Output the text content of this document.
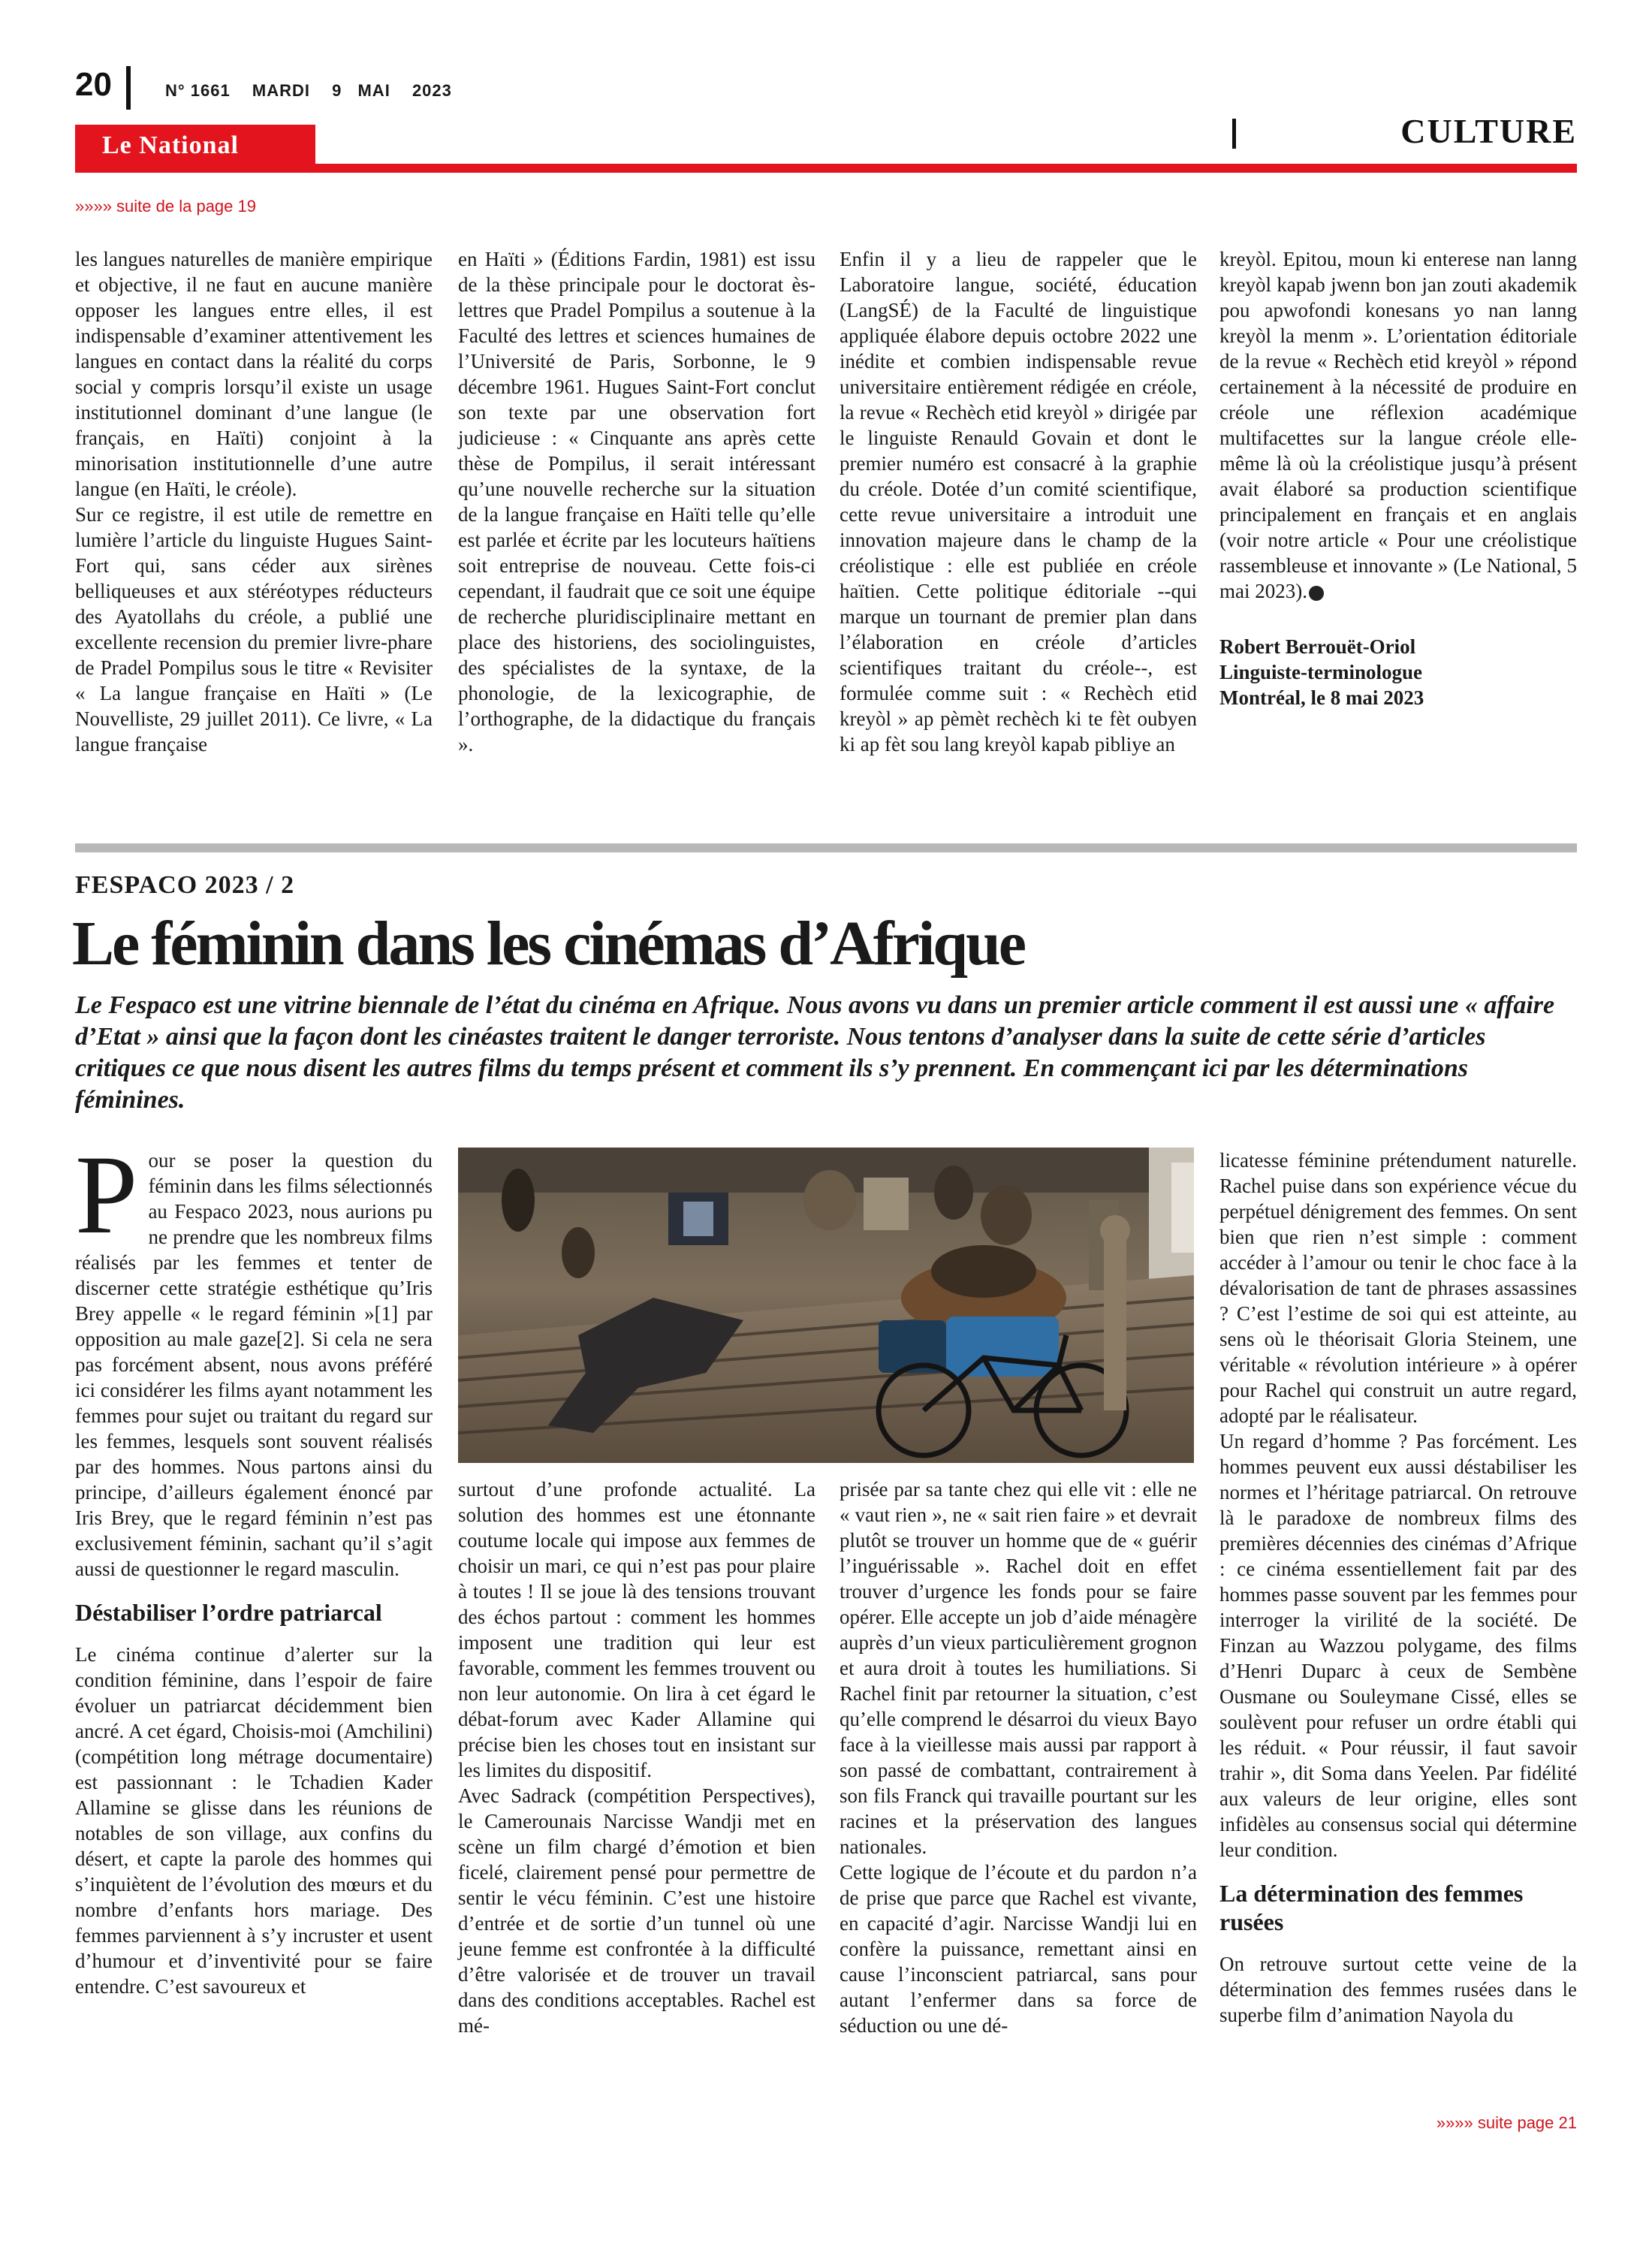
20	N° 1661 MARDI 9 MAI 2023
CULTURE
Le National
»»»» suite de la page 19

les langues naturelles de manière empirique et objective, il ne faut en aucune manière opposer les langues entre elles, il est indispensable d’examiner attentivement les langues en contact dans la réalité du corps social y compris lorsqu’il existe un usage institutionnel dominant d’une langue (le français, en Haïti) conjoint à la minorisation institutionnelle d’une autre langue (en Haïti, le créole).

Sur ce registre, il est utile de remettre en lumière l’article du linguiste Hugues Saint-Fort qui, sans céder aux sirènes belliqueuses et aux stéréotypes réducteurs des Ayatollahs du créole, a publié une excellente recension du premier livre-phare de Pradel Pompilus sous le titre « Revisiter « La langue française en Haïti » (Le Nouvelliste, 29 juillet 2011). Ce livre, « La langue française

en Haïti » (Éditions Fardin, 1981) est issu de la thèse principale pour le doctorat ès-lettres que Pradel Pompilus a soutenue à la Faculté des lettres et sciences humaines de l’Université de Paris, Sorbonne, le 9 décembre 1961. Hugues Saint-Fort conclut son texte par une observation fort judicieuse : « Cinquante ans après cette thèse de Pompilus, il serait intéressant qu’une nouvelle recherche sur la situation de la langue française en Haïti telle qu’elle est parlée et écrite par les locuteurs haïtiens soit entreprise de nouveau. Cette fois-ci cependant, il faudrait que ce soit une équipe de recherche pluridisciplinaire mettant en place des historiens, des sociolinguistes, des spécialistes de la syntaxe, de la phonologie, de la lexicographie, de l’orthographe, de la didactique du français ».

Enfin il y a lieu de rappeler que le Laboratoire langue, société, éducation (LangSÉ) de la Faculté de linguistique appliquée élabore depuis octobre 2022 une inédite et combien indispensable revue universitaire entièrement rédigée en créole, la revue « Rechèch etid kreyòl » dirigée par le linguiste Renauld Govain et dont le premier numéro est consacré à la graphie du créole. Dotée d’un comité scientifique, cette revue universitaire a introduit une innovation majeure dans le champ de la créolistique : elle est publiée en créole haïtien. Cette politique éditoriale --qui marque un tournant de premier plan dans l’élaboration en créole d’articles scientifiques traitant du créole--, est formulée comme suit : « Rechèch etid kreyòl » ap pèmèt rechèch ki te fèt oubyen ki ap fèt sou lang kreyòl kapab pibliye an

kreyòl. Epitou, moun ki enterese nan lanng kreyòl kapab jwenn bon jan zouti akademik pou apwofondi konesans yo nan lanng kreyòl la menm ». L’orientation éditoriale de la revue « Rechèch etid kreyòl » répond certainement à la nécessité de produire en créole une réflexion académique multifacettes sur la langue créole elle-même là où la créolistique jusqu’à présent avait élaboré sa production scientifique principalement en français et en anglais (voir notre article « Pour une créolistique rassembleuse et innovante » (Le National, 5 mai 2023).

Robert Berrouët-Oriol
Linguiste-terminologue
Montréal, le 8 mai 2023

FESPACO 2023 / 2
Le féminin dans les cinémas d’Afrique
Le Fespaco est une vitrine biennale de l’état du cinéma en Afrique. Nous avons vu dans un premier article comment il est aussi une « affaire d’Etat » ainsi que la façon dont les cinéastes traitent le danger terroriste. Nous tentons d’analyser dans la suite de cette série d’articles critiques ce que nous disent les autres films du temps présent et comment ils s’y prennent. En commençant ici par les déterminations féminines.

Pour se poser la question du féminin dans les films sélectionnés au Fespaco 2023, nous aurions pu ne prendre que les nombreux films réalisés par les femmes et tenter de discerner cette stratégie esthétique qu’Iris Brey appelle « le regard féminin »[1] par opposition au male gaze[2]. Si cela ne sera pas forcément absent, nous avons préféré ici considérer les films ayant notamment les femmes pour sujet ou traitant du regard sur les femmes, lesquels sont souvent réalisés par des hommes. Nous partons ainsi du principe, d’ailleurs également énoncé par Iris Brey, que le regard féminin n’est pas exclusivement féminin, sachant qu’il s’agit aussi de questionner le regard masculin.

Déstabiliser l’ordre patriarcal

Le cinéma continue d’alerter sur la condition féminine, dans l’espoir de faire évoluer un patriarcat décidemment bien ancré. A cet égard, Choisis-moi (Amchilini) (compétition long métrage documentaire) est passionnant : le Tchadien Kader Allamine se glisse dans les réunions de notables de son village, aux confins du désert, et capte la parole des hommes qui s’inquiètent de l’évolution des mœurs et du nombre d’enfants hors mariage. Des femmes parviennent à s’y incruster et usent d’humour et d’inventivité pour se faire entendre. C’est savoureux et

surtout d’une profonde actualité. La solution des hommes est une étonnante coutume locale qui impose aux femmes de choisir un mari, ce qui n’est pas pour plaire à toutes ! Il se joue là des tensions trouvant des échos partout : comment les hommes imposent une tradition qui leur est favorable, comment les femmes trouvent ou non leur autonomie. On lira à cet égard le débat-forum avec Kader Allamine qui précise bien les choses tout en insistant sur les limites du dispositif.

Avec Sadrack (compétition Perspectives), le Camerounais Narcisse Wandji met en scène un film chargé d’émotion et bien ficelé, clairement pensé pour permettre de sentir le vécu féminin. C’est une histoire d’entrée et de sortie d’un tunnel où une jeune femme est confrontée à la difficulté d’être valorisée et de trouver un travail dans des conditions acceptables. Rachel est mé-

prisée par sa tante chez qui elle vit : elle ne « vaut rien », ne « sait rien faire » et devrait plutôt se trouver un homme que de « guérir l’inguérissable ». Rachel doit en effet trouver d’urgence les fonds pour se faire opérer. Elle accepte un job d’aide ménagère auprès d’un vieux particulièrement grognon et aura droit à toutes les humiliations. Si Rachel finit par retourner la situation, c’est qu’elle comprend le désarroi du vieux Bayo face à la vieillesse mais aussi par rapport à son passé de combattant, contrairement à son fils Franck qui travaille pourtant sur les racines et la préservation des langues nationales.

Cette logique de l’écoute et du pardon n’a de prise que parce que Rachel est vivante, en capacité d’agir. Narcisse Wandji lui en confère la puissance, remettant ainsi en cause l’inconscient patriarcal, sans pour autant l’enfermer dans sa force de séduction ou une dé-

licatesse féminine prétendument naturelle. Rachel puise dans son expérience vécue du perpétuel dénigrement des femmes. On sent bien que rien n’est simple : comment accéder à l’amour ou tenir le choc face à la dévalorisation de tant de phrases assassines ? C’est l’estime de soi qui est atteinte, au sens où le théorisait Gloria Steinem, une véritable « révolution intérieure » à opérer pour Rachel qui construit un autre regard, adopté par le réalisateur.

Un regard d’homme ? Pas forcément. Les hommes peuvent eux aussi déstabiliser les normes et l’héritage patriarcal. On retrouve là le paradoxe de nombreux films des premières décennies des cinémas d’Afrique : ce cinéma essentiellement fait par des hommes passe souvent par les femmes pour interroger la virilité de la société. De Finzan au Wazzou polygame, des films d’Henri Duparc à ceux de Sembène Ousmane ou Souleymane Cissé, elles se soulèvent pour refuser un ordre établi qui les réduit. « Pour réussir, il faut savoir trahir », dit Soma dans Yeelen. Par fidélité aux valeurs de leur origine, elles sont infidèles au consensus social qui détermine leur condition.

La détermination des femmes rusées

On retrouve surtout cette veine de la détermination des femmes rusées dans le superbe film d’animation Nayola du

»»»» suite page 21
